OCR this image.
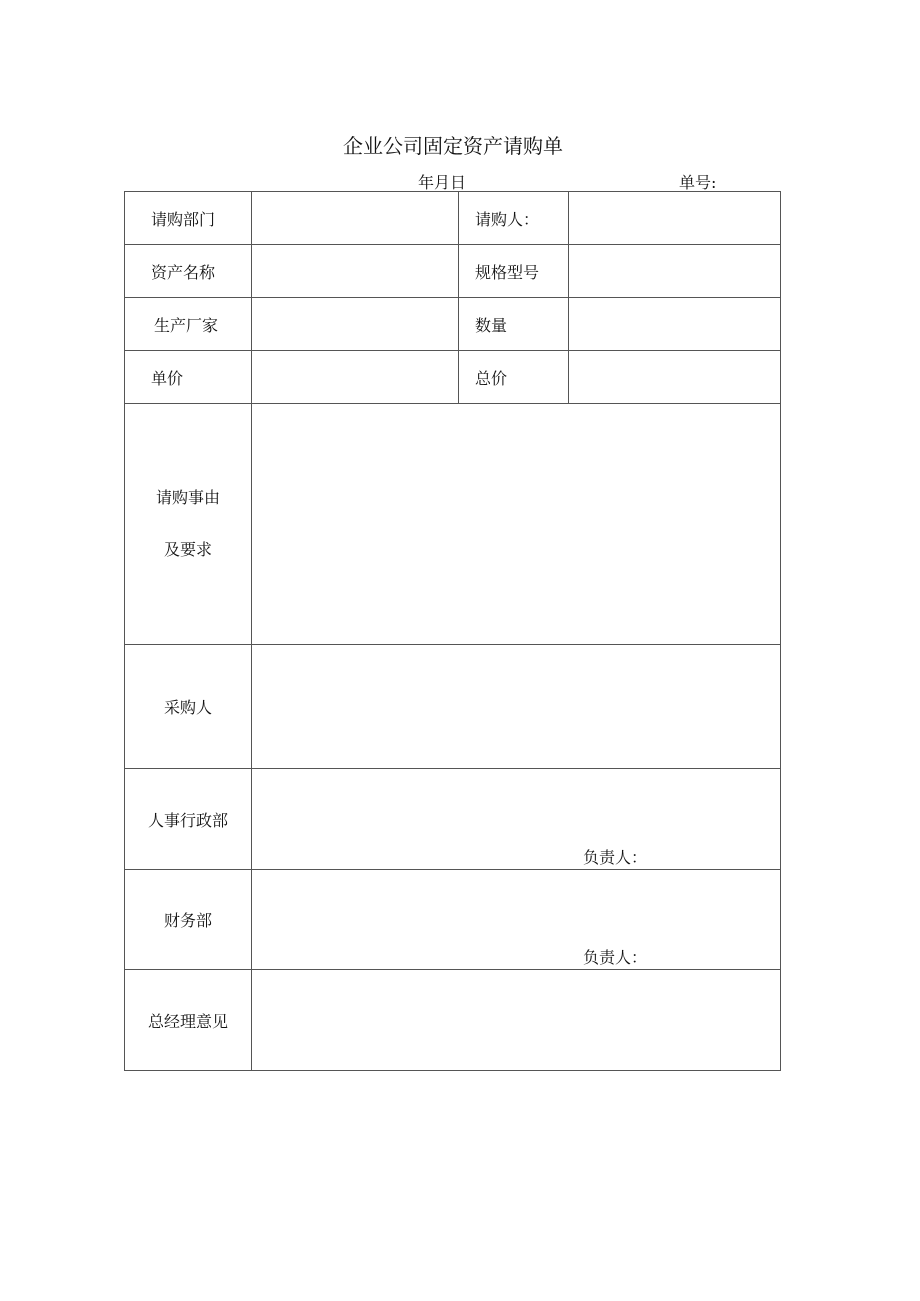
企业公司固定资产请购单
年月日	单号:
请购部门		请购人：	
资产名称		规格型号	
生产厂家		数量	
单价		总价	

请购事由
及要求			

采购人			
人事行政部	负责人：		

财务部	负责人：		

总经理意见			
